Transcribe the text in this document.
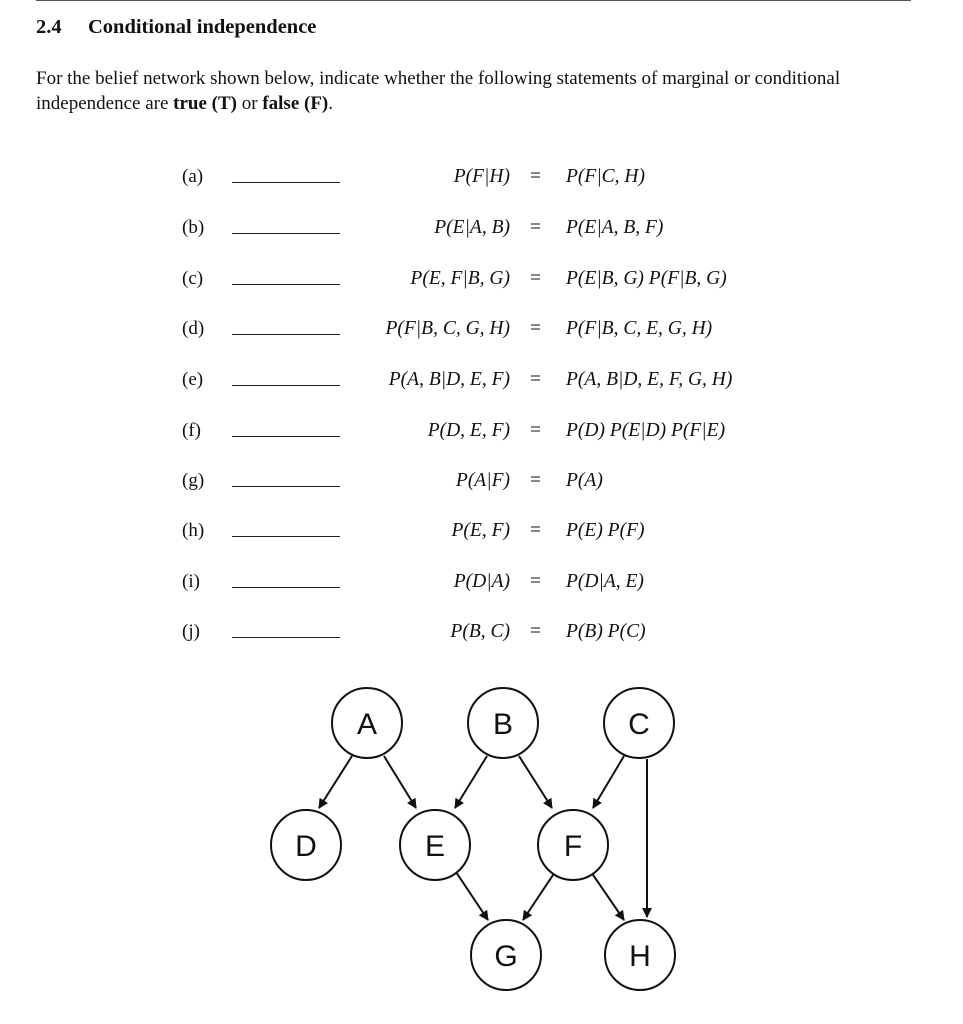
2.4 Conditional independence
For the belief network shown below, indicate whether the following statements of marginal or conditional independence are true (T) or false (F).
(a)	P(F|H) = P(F|C, H)
(b)	P(E|A, B) = P(E|A, B, F)
(c)	P(E, F|B, G) = P(E|B, G) P(F|B, G)
(d)	P(F|B, C, G, H) = P(F|B, C, E, G, H)
(e)	P(A, B|D, E, F) = P(A, B|D, E, F, G, H)
(f)	P(D, E, F) = P(D) P(E|D) P(F|E)
(g)	P(A|F) = P(A)
(h)	P(E, F) = P(E) P(F)
(i)	P(D|A) = P(D|A, E)
(j)	P(B, C) = P(B) P(C)
A	B	C
D	E	F
G	H
